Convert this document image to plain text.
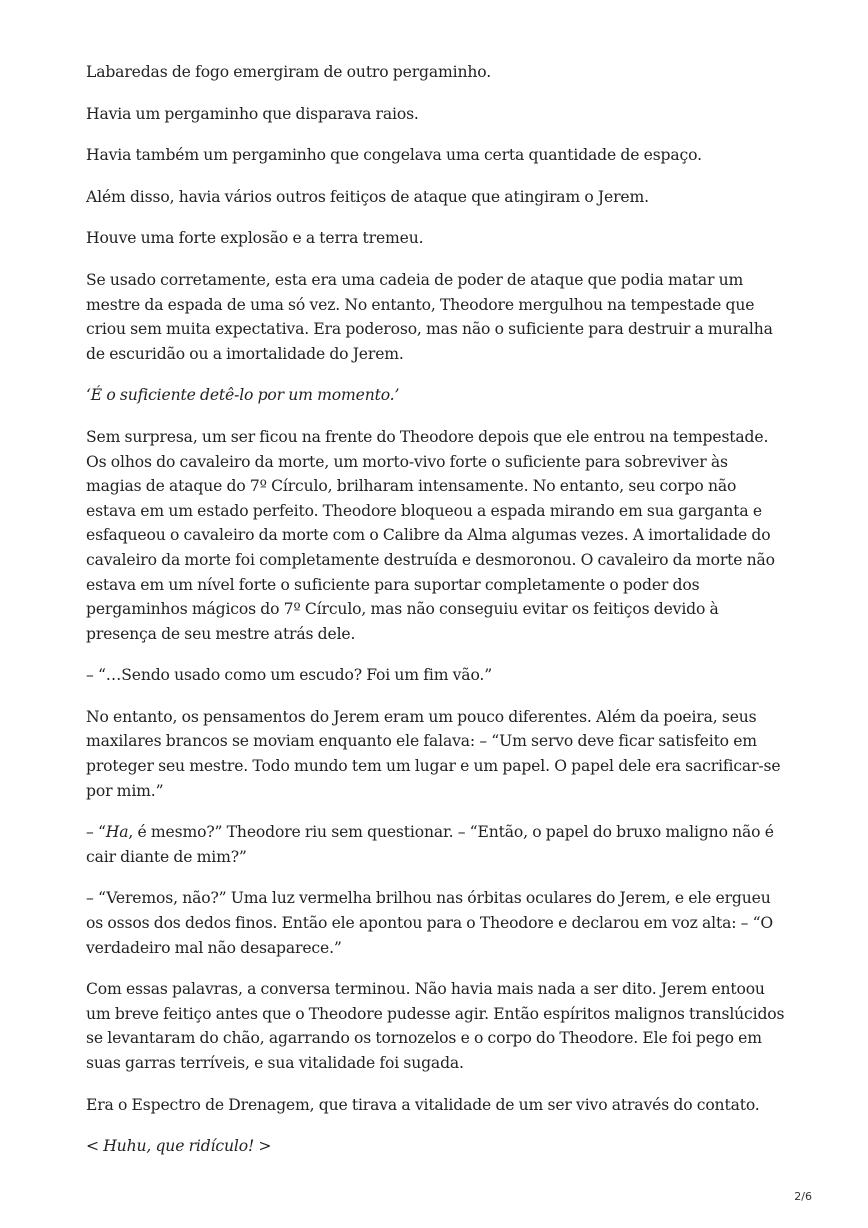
Labaredas de fogo emergiram de outro pergaminho.

Havia um pergaminho que disparava raios.

Havia também um pergaminho que congelava uma certa quantidade de espaço.

Além disso, havia vários outros feitiços de ataque que atingiram o Jerem.

Houve uma forte explosão e a terra tremeu.

Se usado corretamente, esta era uma cadeia de poder de ataque que podia matar um mestre da espada de uma só vez. No entanto, Theodore mergulhou na tempestade que criou sem muita expectativa. Era poderoso, mas não o suficiente para destruir a muralha de escuridão ou a imortalidade do Jerem.

‘É o suficiente detê-lo por um momento.’

Sem surpresa, um ser ficou na frente do Theodore depois que ele entrou na tempestade. Os olhos do cavaleiro da morte, um morto-vivo forte o suficiente para sobreviver às magias de ataque do 7º Círculo, brilharam intensamente. No entanto, seu corpo não estava em um estado perfeito. Theodore bloqueou a espada mirando em sua garganta e esfaqueou o cavaleiro da morte com o Calibre da Alma algumas vezes. A imortalidade do cavaleiro da morte foi completamente destruída e desmoronou. O cavaleiro da morte não estava em um nível forte o suficiente para suportar completamente o poder dos pergaminhos mágicos do 7º Círculo, mas não conseguiu evitar os feitiços devido à presença de seu mestre atrás dele.

– “…Sendo usado como um escudo? Foi um fim vão.”

No entanto, os pensamentos do Jerem eram um pouco diferentes. Além da poeira, seus maxilares brancos se moviam enquanto ele falava: – “Um servo deve ficar satisfeito em proteger seu mestre. Todo mundo tem um lugar e um papel. O papel dele era sacrificar-se por mim.”

– “Ha, é mesmo?” Theodore riu sem questionar. – “Então, o papel do bruxo maligno não é cair diante de mim?”

– “Veremos, não?” Uma luz vermelha brilhou nas órbitas oculares do Jerem, e ele ergueu os ossos dos dedos finos. Então ele apontou para o Theodore e declarou em voz alta: – “O verdadeiro mal não desaparece.”

Com essas palavras, a conversa terminou. Não havia mais nada a ser dito. Jerem entoou um breve feitiço antes que o Theodore pudesse agir. Então espíritos malignos translúcidos se levantaram do chão, agarrando os tornozelos e o corpo do Theodore. Ele foi pego em suas garras terríveis, e sua vitalidade foi sugada.

Era o Espectro de Drenagem, que tirava a vitalidade de um ser vivo através do contato.

< Huhu, que ridículo! >

2/6
